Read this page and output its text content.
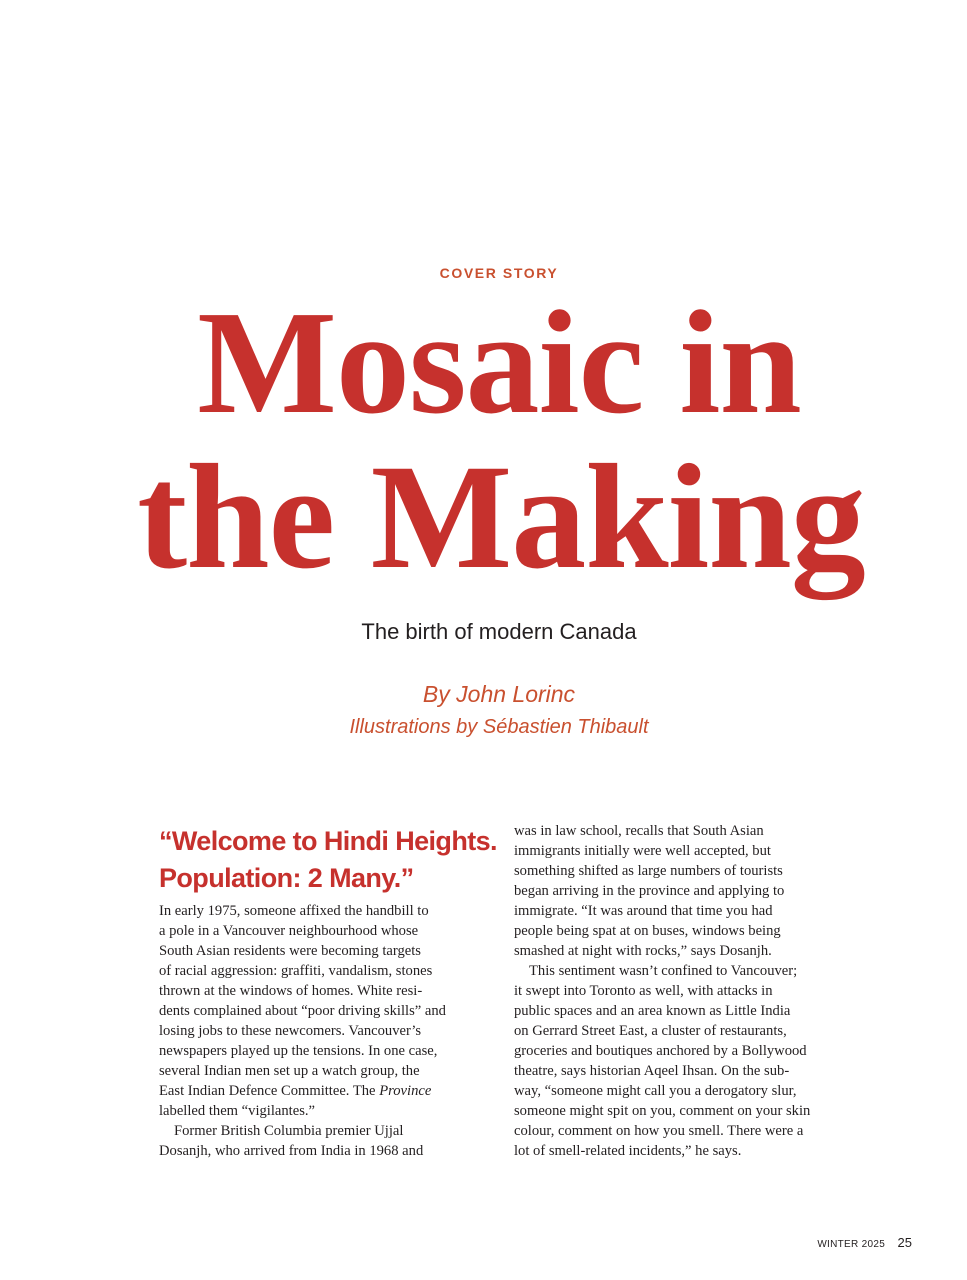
COVER STORY
Mosaic in
the Making
The birth of modern Canada
By John Lorinc
Illustrations by Sébastien Thibault
“Welcome to Hindi Heights.
Population: 2 Many.”
In early 1975, someone affixed the handbill to
a pole in a Vancouver neighbourhood whose
South Asian residents were becoming targets
of racial aggression: graffiti, vandalism, stones
thrown at the windows of homes. White resi-
dents complained about “poor driving skills” and
losing jobs to these newcomers. Vancouver’s
newspapers played up the tensions. In one case,
several Indian men set up a watch group, the
East Indian Defence Committee. The Province
labelled them “vigilantes.”
Former British Columbia premier Ujjal
Dosanjh, who arrived from India in 1968 and
was in law school, recalls that South Asian
immigrants initially were well accepted, but
something shifted as large numbers of tourists
began arriving in the province and applying to
immigrate. “It was around that time you had
people being spat at on buses, windows being
smashed at night with rocks,” says Dosanjh.
This sentiment wasn’t confined to Vancouver;
it swept into Toronto as well, with attacks in
public spaces and an area known as Little India
on Gerrard Street East, a cluster of restaurants,
groceries and boutiques anchored by a Bollywood
theatre, says historian Aqeel Ihsan. On the sub-
way, “someone might call you a derogatory slur,
someone might spit on you, comment on your skin
colour, comment on how you smell. There were a
lot of smell-related incidents,” he says.
WINTER 2025 25
